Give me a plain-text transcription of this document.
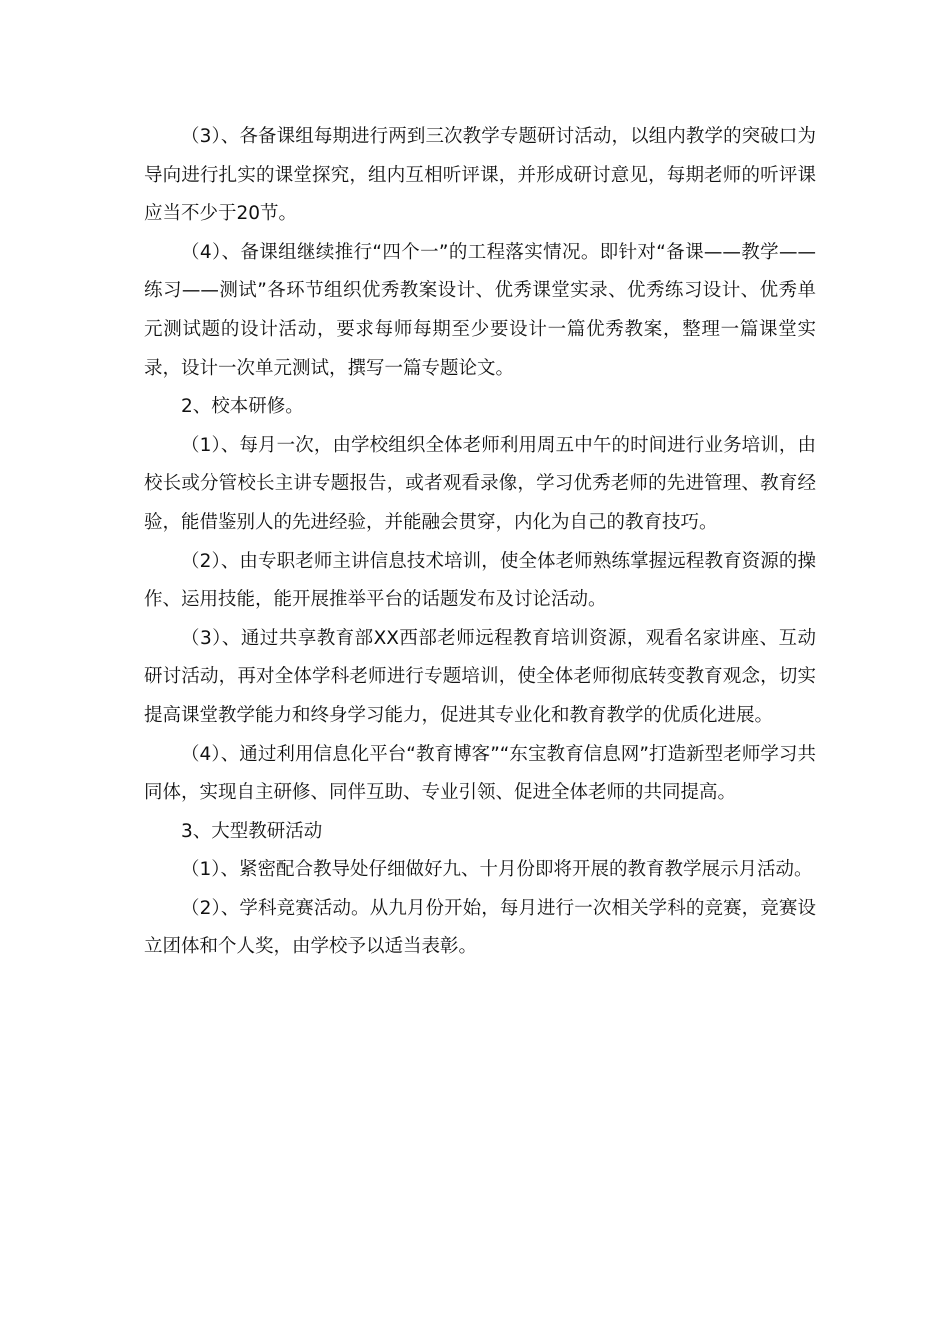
（3）、各备课组每期进行两到三次教学专题研讨活动，以组内教学的突破口为导向进行扎实的课堂探究，组内互相听评课，并形成研讨意见，每期老师的听评课应当不少于20节。

（4）、备课组继续推行“四个一”的工程落实情况。即针对“备课——教学——练习——测试”各环节组织优秀教案设计、优秀课堂实录、优秀练习设计、优秀单元测试题的设计活动，要求每师每期至少要设计一篇优秀教案，整理一篇课堂实录，设计一次单元测试，撰写一篇专题论文。

2、校本研修。

（1）、每月一次，由学校组织全体老师利用周五中午的时间进行业务培训，由校长或分管校长主讲专题报告，或者观看录像，学习优秀老师的先进管理、教育经验，能借鉴别人的先进经验，并能融会贯穿，内化为自己的教育技巧。

（2）、由专职老师主讲信息技术培训，使全体老师熟练掌握远程教育资源的操作、运用技能，能开展推举平台的话题发布及讨论活动。

（3）、通过共享教育部XX西部老师远程教育培训资源，观看名家讲座、互动研讨活动，再对全体学科老师进行专题培训，使全体老师彻底转变教育观念，切实提高课堂教学能力和终身学习能力，促进其专业化和教育教学的优质化进展。

（4）、通过利用信息化平台“教育博客”“东宝教育信息网”打造新型老师学习共同体，实现自主研修、同伴互助、专业引领、促进全体老师的共同提高。

3、大型教研活动

（1）、紧密配合教导处仔细做好九、十月份即将开展的教育教学展示月活动。

（2）、学科竞赛活动。从九月份开始，每月进行一次相关学科的竞赛，竞赛设立团体和个人奖，由学校予以适当表彰。
